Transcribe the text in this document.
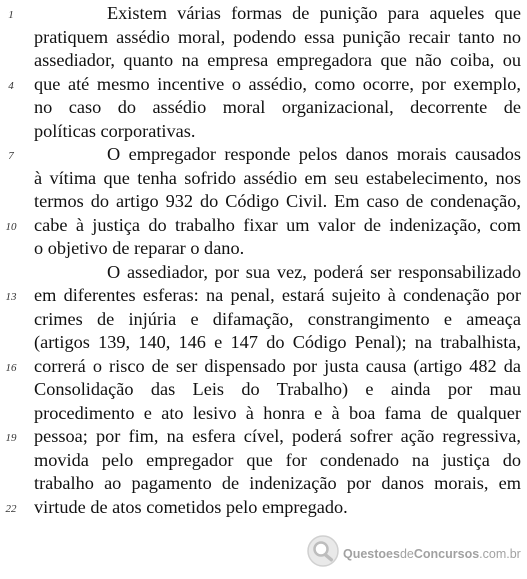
1	Existem várias formas de punição para aqueles que
pratiquem assédio moral, podendo essa punição recair tanto no
assediador, quanto na empresa empregadora que não coiba, ou
4	que até mesmo incentive o assédio, como ocorre, por exemplo,
no caso do assédio moral organizacional, decorrente de
políticas corporativas.
7	O empregador responde pelos danos morais causados
à vítima que tenha sofrido assédio em seu estabelecimento, nos
termos do artigo 932 do Código Civil. Em caso de condenação,
10 cabe à justiça do trabalho fixar um valor de indenização, com
o objetivo de reparar o dano.
O assediador, por sua vez, poderá ser responsabilizado
13 em diferentes esferas: na penal, estará sujeito à condenação por
crimes de injúria e difamação, constrangimento e ameaça
(artigos 139, 140, 146 e 147 do Código Penal); na trabalhista,
16 correrá o risco de ser dispensado por justa causa (artigo 482 da
Consolidação das Leis do Trabalho) e ainda por mau
procedimento e ato lesivo à honra e à boa fama de qualquer
19 pessoa; por fim, na esfera cível, poderá sofrer ação regressiva,
movida pelo empregador que for condenado na justiça do
trabalho ao pagamento de indenização por danos morais, em
22 virtude de atos cometidos pelo empregado.
QuestoesdeConcursos.com.br
